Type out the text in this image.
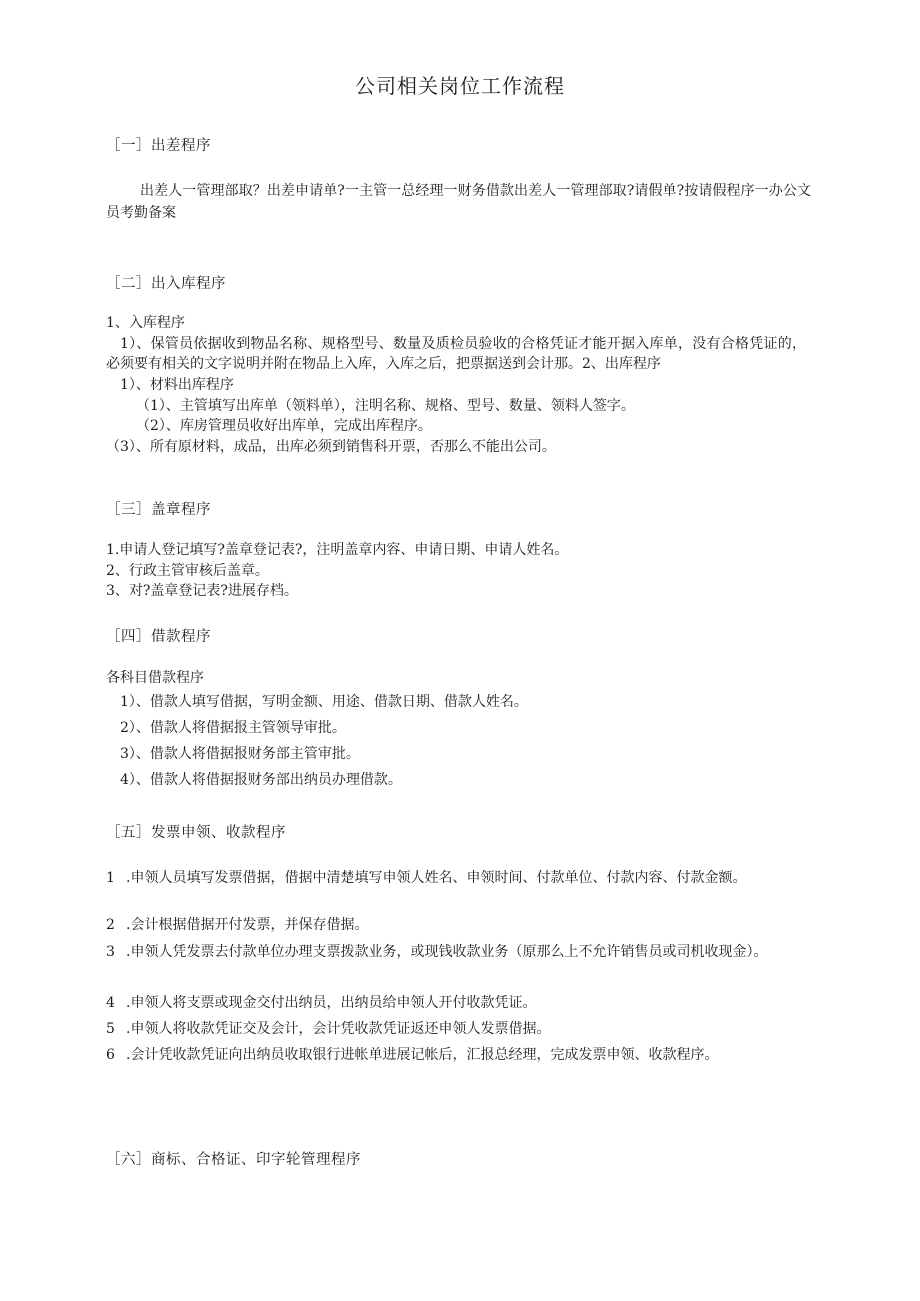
公司相关岗位工作流程
［一］出差程序
出差人一管理部取？出差申请单?一主管一总经理一财务借款出差人一管理部取?请假单?按请假程序一办公文员考勤备案
［二］出入库程序
1、入库程序
1）、保管员依据收到物品名称、规格型号、数量及质检员验收的合格凭证才能开据入库单，没有合格凭证的，必须要有相关的文字说明并附在物品上入库，入库之后，把票据送到会计那。2、出库程序
1）、材料出库程序
（1）、主管填写出库单（领料单），注明名称、规格、型号、数量、领料人签字。
（2）、库房管理员收好出库单，完成出库程序。
（3）、所有原材料，成品，出库必须到销售科开票，否那么不能出公司。
［三］盖章程序
1.申请人登记填写?盖章登记表?，注明盖章内容、申请日期、申请人姓名。
2、行政主管审核后盖章。
3、对?盖章登记表?进展存档。
［四］借款程序
各科目借款程序
1）、借款人填写借据，写明金额、用途、借款日期、借款人姓名。
2）、借款人将借据报主管领导审批。
3）、借款人将借据报财务部主管审批。
4）、借款人将借据报财务部出纳员办理借款。
［五］发票申领、收款程序
1 .申领人员填写发票借据，借据中清楚填写申领人姓名、申领时间、付款单位、付款内容、付款金额。
2 .会计根据借据开付发票，并保存借据。
3 .申领人凭发票去付款单位办理支票拨款业务，或现钱收款业务（原那么上不允许销售员或司机收现金）。
4 .申领人将支票或现金交付出纳员，出纳员给申领人开付收款凭证。
5 .申领人将收款凭证交及会计，会计凭收款凭证返还申领人发票借据。
6 .会计凭收款凭证向出纳员收取银行进帐单进展记帐后，汇报总经理，完成发票申领、收款程序。
［六］商标、合格证、印字轮管理程序
